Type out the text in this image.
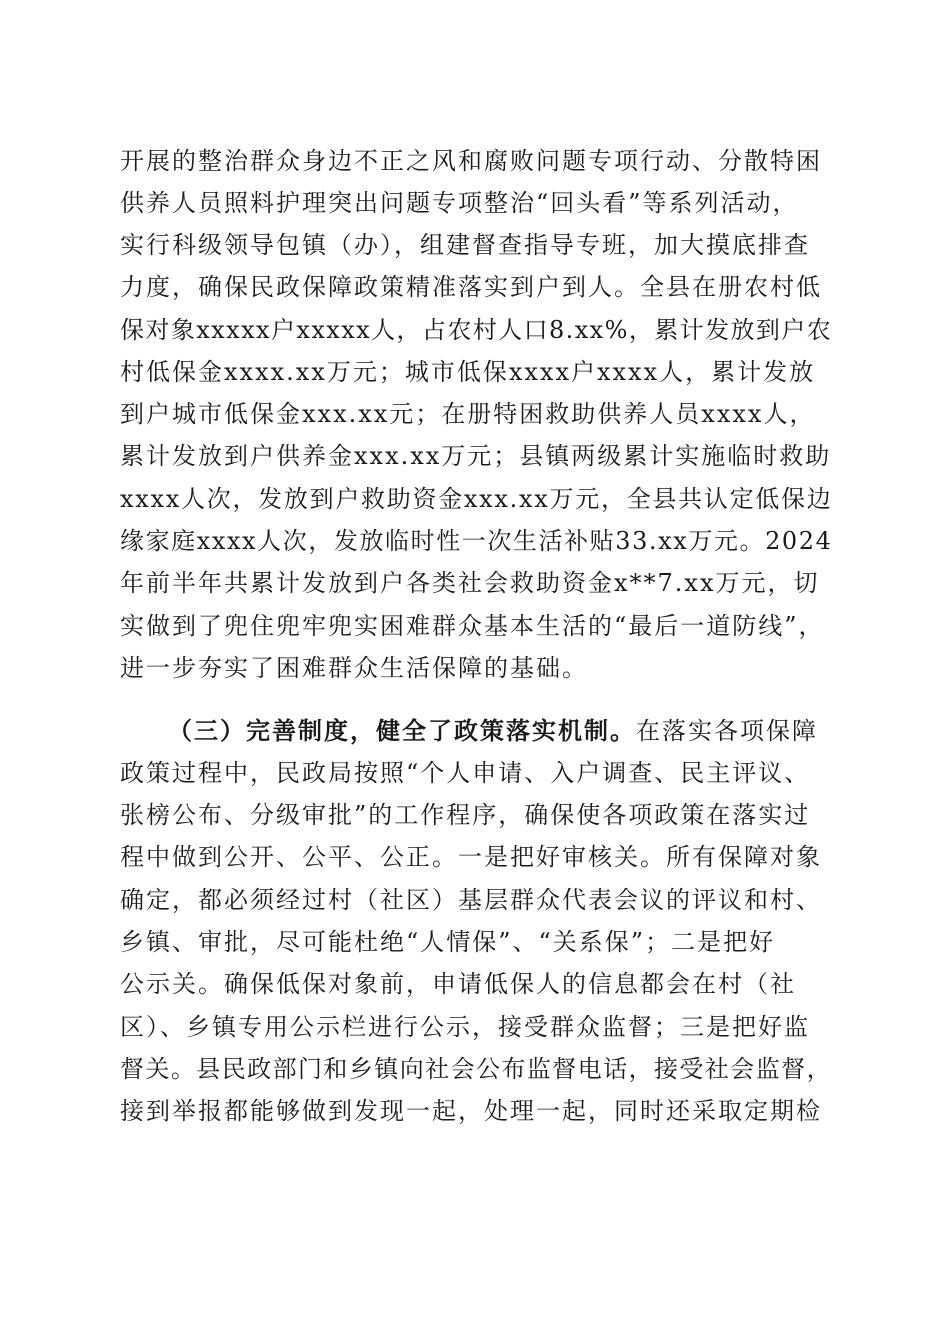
开展的整治群众身边不正之风和腐败问题专项行动、分散特困
供养人员照料护理突出问题专项整治“回头看”等系列活动，
实行科级领导包镇（办），组建督查指导专班，加大摸底排查
力度，确保民政保障政策精准落实到户到人。全县在册农村低
保对象xxxxx户xxxxx人，占农村人口8.xx%，累计发放到户农
村低保金xxxx.xx万元；城市低保xxxx户xxxx人，累计发放
到户城市低保金xxx.xx元；在册特困救助供养人员xxxx人，
累计发放到户供养金xxx.xx万元；县镇两级累计实施临时救助
xxxx人次，发放到户救助资金xxx.xx万元，全县共认定低保边
缘家庭xxxx人次，发放临时性一次生活补贴33.xx万元。2024
年前半年共累计发放到户各类社会救助资金x**7.xx万元，切
实做到了兜住兜牢兜实困难群众基本生活的“最后一道防线”，
进一步夯实了困难群众生活保障的基础。
（三）完善制度，健全了政策落实机制。在落实各项保障
政策过程中，民政局按照“个人申请、入户调查、民主评议、
张榜公布、分级审批”的工作程序，确保使各项政策在落实过
程中做到公开、公平、公正。一是把好审核关。所有保障对象
确定，都必须经过村（社区）基层群众代表会议的评议和村、
乡镇、审批，尽可能杜绝“人情保”、“关系保”；二是把好
公示关。确保低保对象前，申请低保人的信息都会在村（社
区）、乡镇专用公示栏进行公示，接受群众监督；三是把好监
督关。县民政部门和乡镇向社会公布监督电话，接受社会监督，
接到举报都能够做到发现一起，处理一起，同时还采取定期检
